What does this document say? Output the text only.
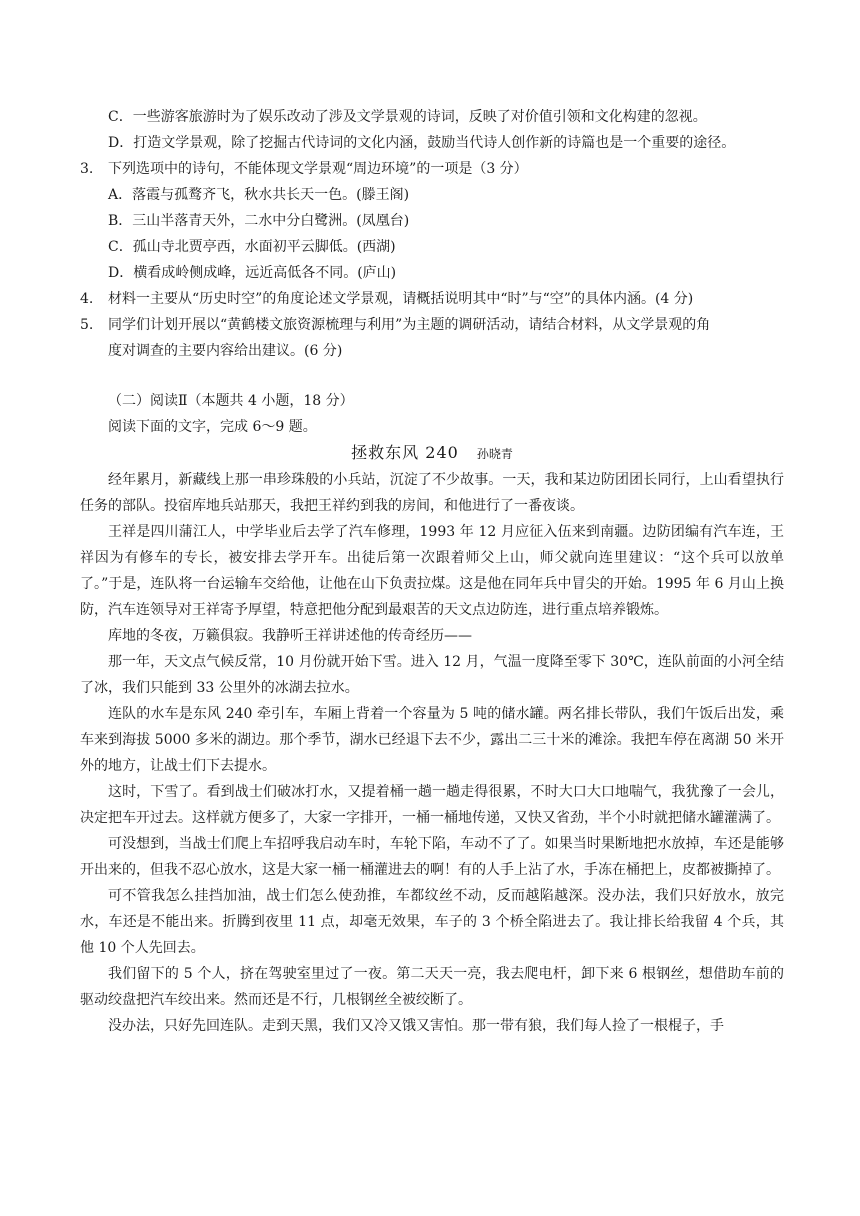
C．一些游客旅游时为了娱乐改动了涉及文学景观的诗词，反映了对价值引领和文化构建的忽视。
D．打造文学景观，除了挖掘古代诗词的文化内涵，鼓励当代诗人创作新的诗篇也是一个重要的途径。
3.	下列选项中的诗句，不能体现文学景观“周边环境”的一项是（3 分）
A．落霞与孤鹜齐飞，秋水共长天一色。(滕王阁)
B．三山半落青天外，二水中分白鹭洲。(凤凰台)
C．孤山寺北贾亭西，水面初平云脚低。(西湖)
D．横看成岭侧成峰，远近高低各不同。(庐山)
4.	材料一主要从“历史时空”的角度论述文学景观，请概括说明其中“时”与“空”的具体内涵。(4 分)
5.	同学们计划开展以“黄鹤楼文旅资源梳理与利用”为主题的调研活动，请结合材料，从文学景观的角
度对调查的主要内容给出建议。(6 分)
（二）阅读Ⅱ（本题共 4 小题，18 分）
阅读下面的文字，完成 6～9 题。
拯救东风 240 孙晓青

经年累月，新藏线上那一串珍珠般的小兵站，沉淀了不少故事。一天，我和某边防团团长同行，上山看望执行任务的部队。投宿库地兵站那天，我把王祥约到我的房间，和他进行了一番夜谈。

王祥是四川蒲江人，中学毕业后去学了汽车修理，1993 年 12 月应征入伍来到南疆。边防团编有汽车连，王祥因为有修车的专长，被安排去学开车。出徒后第一次跟着师父上山，师父就向连里建议：“这个兵可以放单了。”于是，连队将一台运输车交给他，让他在山下负责拉煤。这是他在同年兵中冒尖的开始。1995 年 6 月山上换防，汽车连领导对王祥寄予厚望，特意把他分配到最艰苦的天文点边防连，进行重点培养锻炼。

库地的冬夜，万籁俱寂。我静听王祥讲述他的传奇经历——

那一年，天文点气候反常，10 月份就开始下雪。进入 12 月，气温一度降至零下 30℃，连队前面的小河全结了冰，我们只能到 33 公里外的冰湖去拉水。

连队的水车是东风 240 牵引车，车厢上背着一个容量为 5 吨的储水罐。两名排长带队，我们午饭后出发，乘车来到海拔 5000 多米的湖边。那个季节，湖水已经退下去不少，露出二三十米的滩涂。我把车停在离湖 50 米开外的地方，让战士们下去提水。

这时，下雪了。看到战士们破冰打水，又提着桶一趟一趟走得很累，不时大口大口地喘气，我犹豫了一会儿，决定把车开过去。这样就方便多了，大家一字排开，一桶一桶地传递，又快又省劲，半个小时就把储水罐灌满了。

可没想到，当战士们爬上车招呼我启动车时，车轮下陷，车动不了了。如果当时果断地把水放掉，车还是能够开出来的，但我不忍心放水，这是大家一桶一桶灌进去的啊！有的人手上沾了水，手冻在桶把上，皮都被撕掉了。

可不管我怎么挂挡加油，战士们怎么使劲推，车都纹丝不动，反而越陷越深。没办法，我们只好放水，放完水，车还是不能出来。折腾到夜里 11 点，却毫无效果，车子的 3 个桥全陷进去了。我让排长给我留 4 个兵，其他 10 个人先回去。

我们留下的 5 个人，挤在驾驶室里过了一夜。第二天天一亮，我去爬电杆，卸下来 6 根钢丝，想借助车前的驱动绞盘把汽车绞出来。然而还是不行，几根钢丝全被绞断了。

没办法，只好先回连队。走到天黑，我们又冷又饿又害怕。那一带有狼，我们每人捡了一根棍子，手
